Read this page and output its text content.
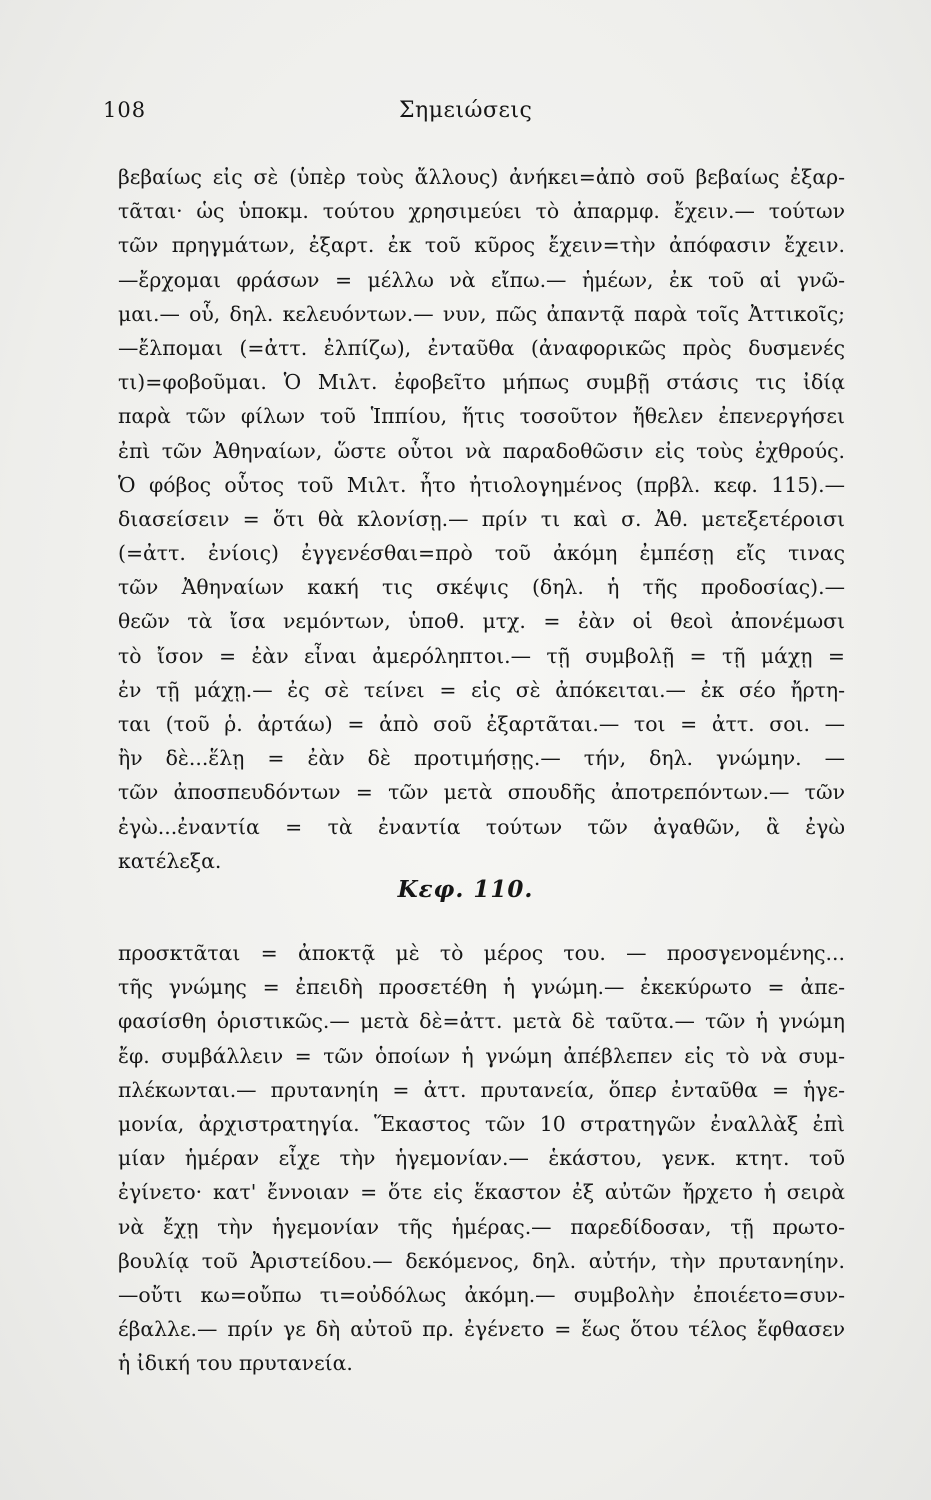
108	Σημειώσεις
βεβαίως εἰς σὲ (ὑπὲρ τοὺς ἄλλους) ἀνήκει=ἀπὸ σοῦ βεβαίως ἐξαρ-
τᾶται· ὡς ὑποκμ. τούτου χρησιμεύει τὸ ἀπαρμφ. ἔχειν.— τούτων
τῶν πρηγμάτων, ἐξαρτ. ἐκ τοῦ κῦρος ἔχειν=τὴν ἀπόφασιν ἔχειν.
—ἔρχομαι φράσων = μέλλω νὰ εἴπω.— ἡμέων, ἐκ τοῦ αἱ γνῶ-
μαι.— οὗ, δηλ. κελευόντων.— νυν, πῶς ἀπαντᾷ παρὰ τοῖς Ἀττικοῖς;
—ἔλπομαι (=ἀττ. ἐλπίζω), ἐνταῦθα (ἀναφορικῶς πρὸς δυσμενές
τι)=φοβοῦμαι. Ὁ Μιλτ. ἐφοβεῖτο μήπως συμβῇ στάσις τις ἰδίᾳ
παρὰ τῶν φίλων τοῦ Ἱππίου, ἥτις τοσοῦτον ἤθελεν ἐπενεργήσει
ἐπὶ τῶν Ἀθηναίων, ὥστε οὗτοι νὰ παραδοθῶσιν εἰς τοὺς ἐχθρούς.
Ὁ φόβος οὗτος τοῦ Μιλτ. ἦτο ἠτιολογημένος (πρβλ. κεφ. 115).—
διασείσειν = ὅτι θὰ κλονίσῃ.— πρίν τι καὶ σ. Ἀθ. μετεξετέροισι
(=ἀττ. ἐνίοις) ἐγγενέσθαι=πρὸ τοῦ ἀκόμη ἐμπέσῃ εἴς τινας
τῶν Ἀθηναίων κακή τις σκέψις (δηλ. ἡ τῆς προδοσίας).—
θεῶν τὰ ἴσα νεμόντων, ὑποθ. μτχ. = ἐὰν οἱ θεοὶ ἀπονέμωσι
τὸ ἴσον = ἐὰν εἶναι ἀμερόληπτοι.— τῇ συμβολῇ = τῇ μάχῃ =
ἐν τῇ μάχῃ.— ἐς σὲ τείνει = εἰς σὲ ἀπόκειται.— ἐκ σέο ἤρτη-
ται (τοῦ ῥ. ἀρτάω) = ἀπὸ σοῦ ἐξαρτᾶται.— τοι = ἀττ. σοι. —
ἢν δὲ...ἕλῃ = ἐὰν δὲ προτιμήσῃς.— τήν, δηλ. γνώμην. —
τῶν ἀποσπευδόντων = τῶν μετὰ σπουδῆς ἀποτρεπόντων.— τῶν
ἐγὼ...ἐναντία = τὰ ἐναντία τούτων τῶν ἀγαθῶν, ἃ ἐγὼ
κατέλεξα.
Κεφ. 110.
προσκτᾶται = ἀποκτᾷ μὲ τὸ μέρος του. — προσγενομένης...
τῆς γνώμης = ἐπειδὴ προσετέθη ἡ γνώμη.— ἐκεκύρωτο = ἀπε-
φασίσθη ὁριστικῶς.— μετὰ δὲ=ἀττ. μετὰ δὲ ταῦτα.— τῶν ἡ γνώμη
ἔφ. συμβάλλειν = τῶν ὁποίων ἡ γνώμη ἀπέβλεπεν εἰς τὸ νὰ συμ-
πλέκωνται.— πρυτανηίη = ἀττ. πρυτανεία, ὅπερ ἐνταῦθα = ἡγε-
μονία, ἀρχιστρατηγία. Ἕκαστος τῶν 10 στρατηγῶν ἐναλλὰξ ἐπὶ
μίαν ἡμέραν εἶχε τὴν ἡγεμονίαν.— ἑκάστου, γενκ. κτητ. τοῦ
ἐγίνετο· κατ' ἔννοιαν = ὅτε εἰς ἕκαστον ἐξ αὐτῶν ἤρχετο ἡ σειρὰ
νὰ ἔχῃ τὴν ἡγεμονίαν τῆς ἡμέρας.— παρεδίδοσαν, τῇ πρωτο-
βουλίᾳ τοῦ Ἀριστείδου.— δεκόμενος, δηλ. αὐτήν, τὴν πρυτανηίην.
—οὔτι κω=οὔπω τι=οὐδόλως ἀκόμη.— συμβολὴν ἐποιέετο=συν-
έβαλλε.— πρίν γε δὴ αὐτοῦ πρ. ἐγένετο = ἕως ὅτου τέλος ἔφθασεν
ἡ ἰδική του πρυτανεία.
